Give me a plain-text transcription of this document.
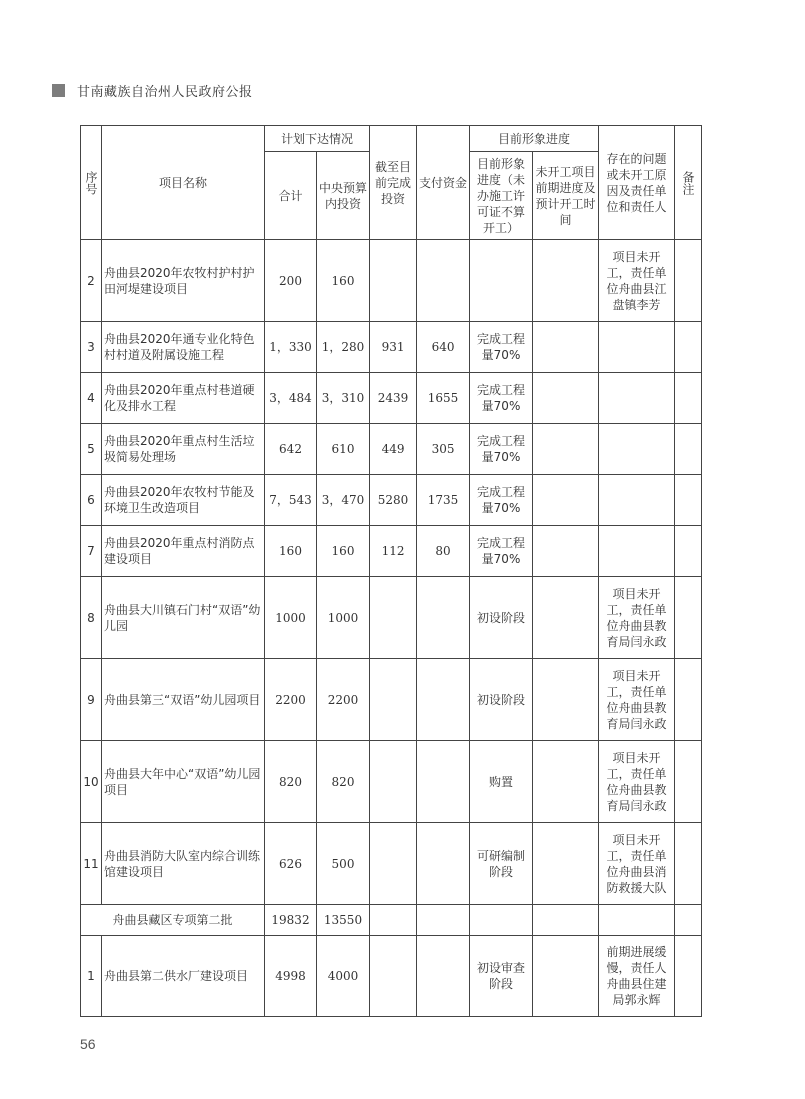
甘南藏族自治州人民政府公报
序号	项目名称	计划下达情况		截至目前完成投资	支付资金	目前形象进度		存在的问题或未开工原因及责任单位和责任人	备注
		合计	中央预算内投资			目前形象进度（未办施工许可证不算开工）	未开工项目前期进度及预计开工时间		
2	舟曲县2020年农牧村护村护田河堤建设项目	200	160					项目未开工，责任单位舟曲县江盘镇李芳	
3	舟曲县2020年通专业化特色村村道及附属设施工程	1，330	1，280	931	640	完成工程量70%			
4	舟曲县2020年重点村巷道硬化及排水工程	3，484	3，310	2439	1655	完成工程量70%			
5	舟曲县2020年重点村生活垃圾简易处理场	642	610	449	305	完成工程量70%			
6	舟曲县2020年农牧村节能及环境卫生改造项目	7，543	3，470	5280	1735	完成工程量70%			
7	舟曲县2020年重点村消防点建设项目	160	160	112	80	完成工程量70%			
8	舟曲县大川镇石门村“双语”幼儿园	1000	1000			初设阶段		项目未开工，责任单位舟曲县教育局闫永政	
9	舟曲县第三“双语”幼儿园项目	2200	2200			初设阶段		项目未开工，责任单位舟曲县教育局闫永政	
10	舟曲县大年中心“双语”幼儿园项目	820	820			购置		项目未开工，责任单位舟曲县教育局闫永政	
11	舟曲县消防大队室内综合训练馆建设项目	626	500			可研编制阶段		项目未开工，责任单位舟曲县消防救援大队	
舟曲县藏区专项第二批		19832	13550						
1	舟曲县第二供水厂建设项目	4998	4000			初设审查阶段		前期进展缓慢，责任人舟曲县住建局郭永辉	
56
